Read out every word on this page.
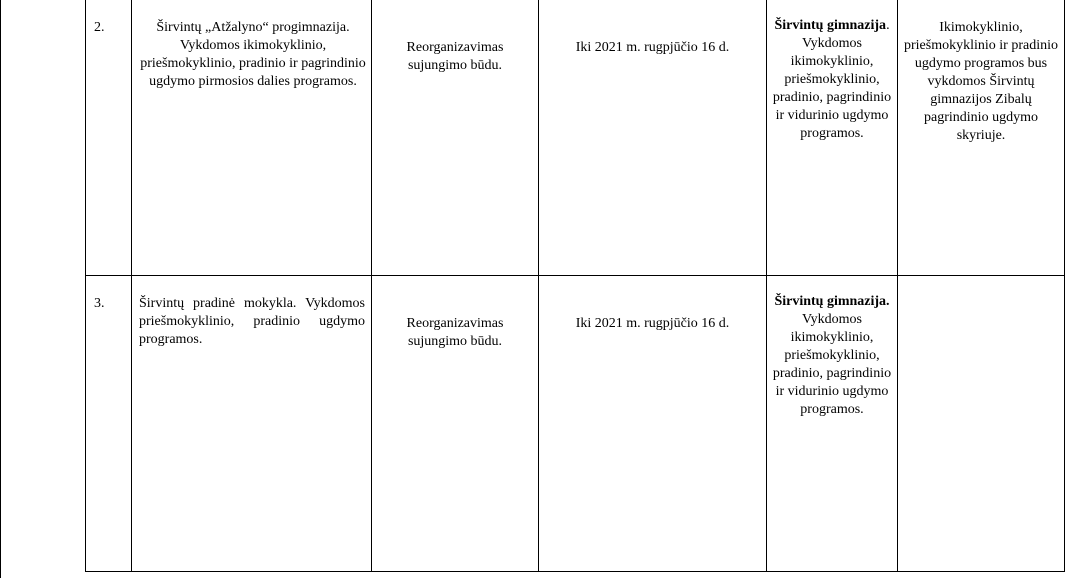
2.	Širvintų „Atžalyno“ progimnazija. Vykdomos ikimokyklinio, priešmokyklinio, pradinio ir pagrindinio ugdymo pirmosios dalies programos.	Reorganizavimas sujungimo būdu.	Iki 2021 m. rugpjūčio 16 d.	Širvintų gimnazija. Vykdomos ikimokyklinio, priešmokyklinio, pradinio, pagrindinio ir vidurinio ugdymo programos.	Ikimokyklinio, priešmokyklinio ir pradinio ugdymo programos bus vykdomos Širvintų gimnazijos Zibalų pagrindinio ugdymo skyriuje.

3.	Širvintų pradinė mokykla. Vykdomos priešmokyklinio, pradinio ugdymo programos.	Reorganizavimas sujungimo būdu.	Iki 2021 m. rugpjūčio 16 d.	Širvintų gimnazija. Vykdomos ikimokyklinio, priešmokyklinio, pradinio, pagrindinio ir vidurinio ugdymo programos.	
